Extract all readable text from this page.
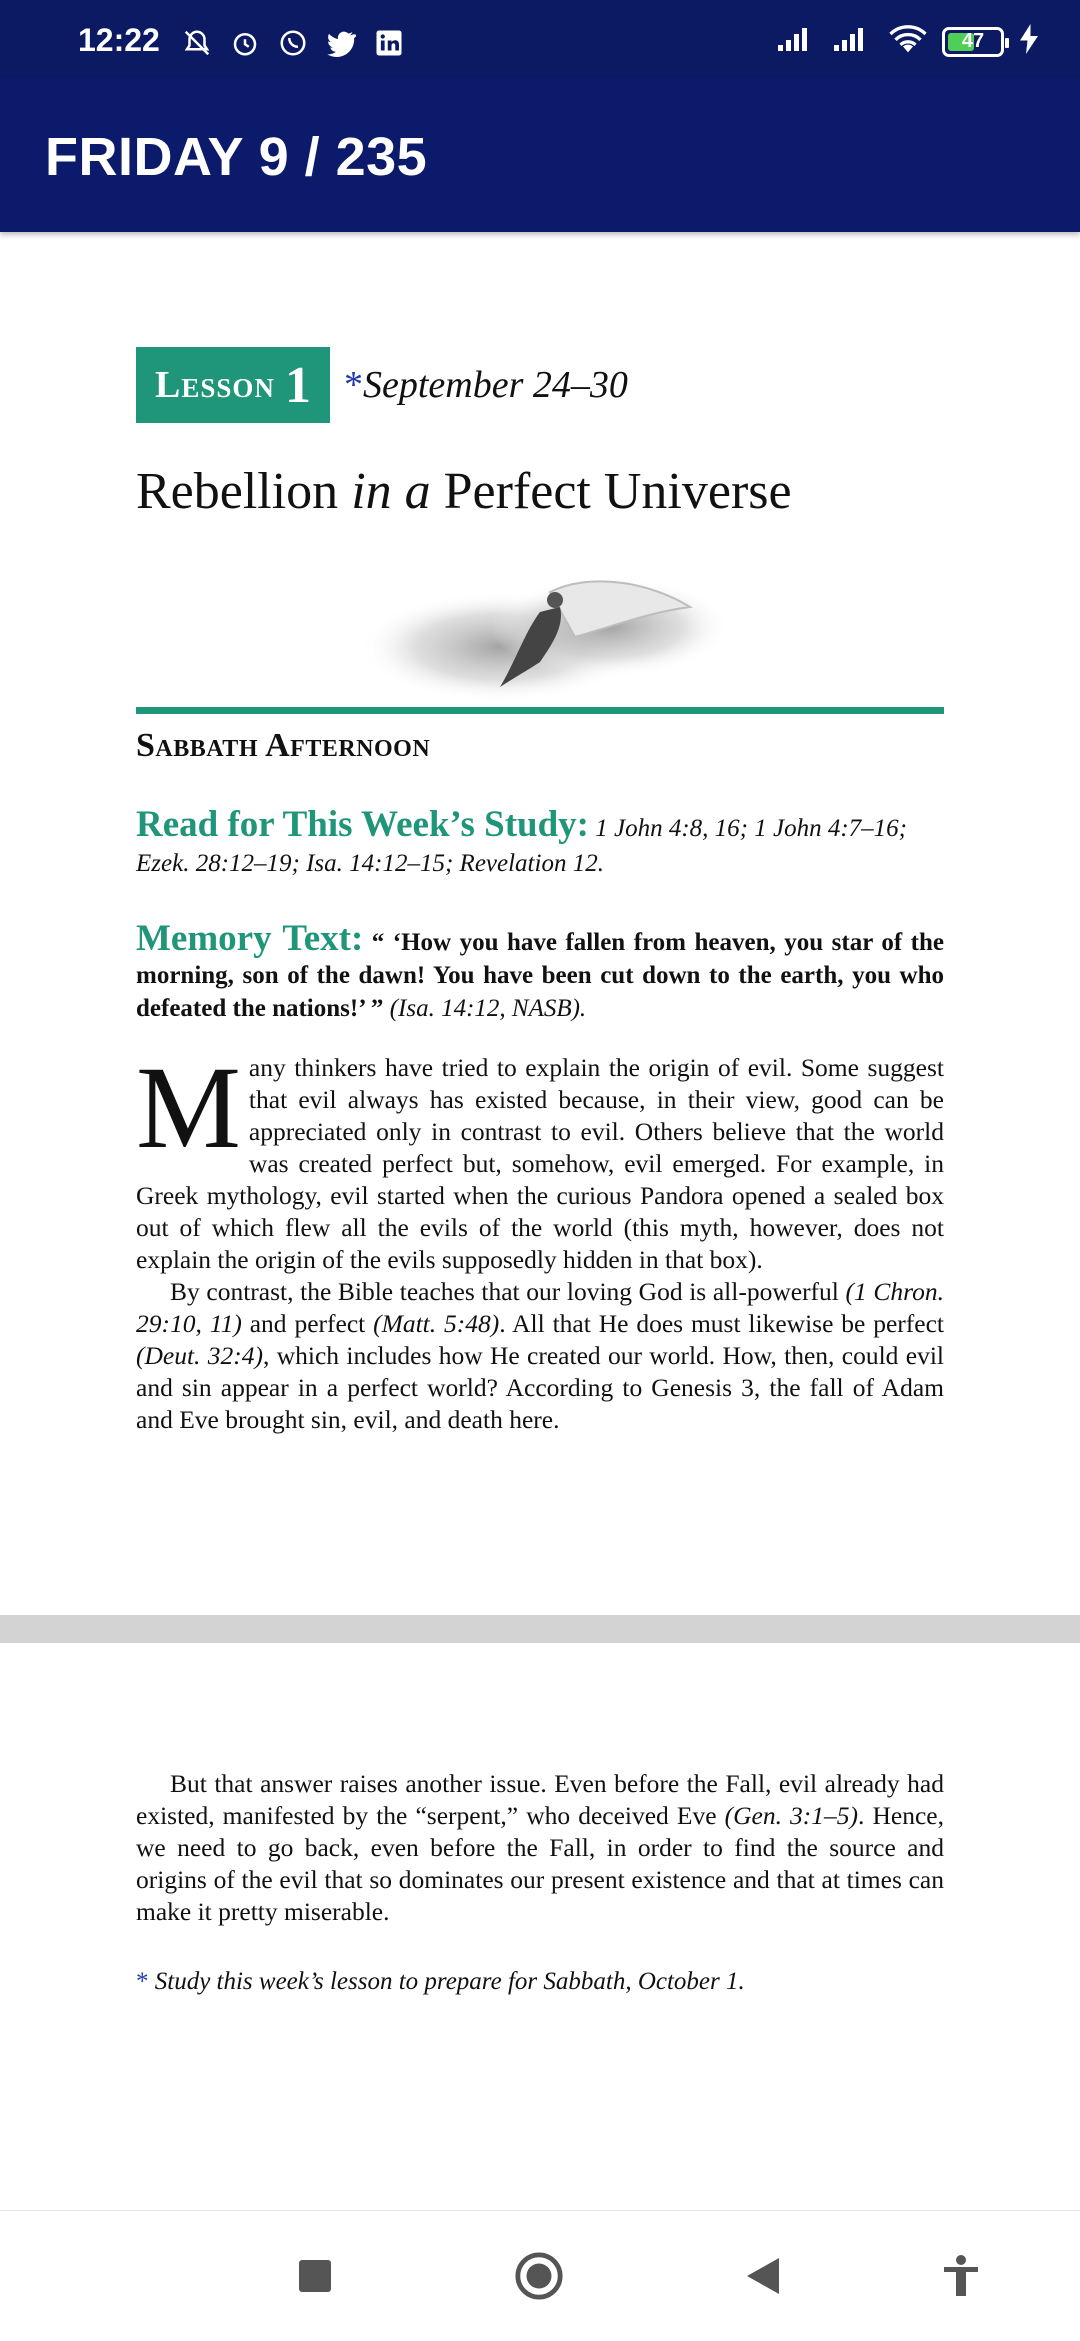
12:22	47
FRIDAY 9 / 235
Lesson 1 *September 24–30
Rebellion in a Perfect Universe
Sabbath Afternoon
Read for This Week’s Study: 1 John 4:8, 16; 1 John 4:7–16; Ezek. 28:12–19; Isa. 14:12–15; Revelation 12.
Memory Text: “ ‘How you have fallen from heaven, you star of the morning, son of the dawn! You have been cut down to the earth, you who defeated the nations!’ ” (Isa. 14:12, NASB).

Many thinkers have tried to explain the origin of evil. Some suggest that evil always has existed because, in their view, good can be appreciated only in contrast to evil. Others believe that the world was created perfect but, somehow, evil emerged. For example, in Greek mythology, evil started when the curious Pandora opened a sealed box out of which flew all the evils of the world (this myth, however, does not explain the origin of the evils supposedly hidden in that box).

By contrast, the Bible teaches that our loving God is all-powerful (1 Chron. 29:10, 11) and perfect (Matt. 5:48). All that He does must likewise be perfect (Deut. 32:4), which includes how He created our world. How, then, could evil and sin appear in a perfect world? According to Genesis 3, the fall of Adam and Eve brought sin, evil, and death here.

But that answer raises another issue. Even before the Fall, evil already had existed, manifested by the “serpent,” who deceived Eve (Gen. 3:1–5). Hence, we need to go back, even before the Fall, in order to find the source and origins of the evil that so dominates our present existence and that at times can make it pretty miserable.
* Study this week’s lesson to prepare for Sabbath, October 1.
